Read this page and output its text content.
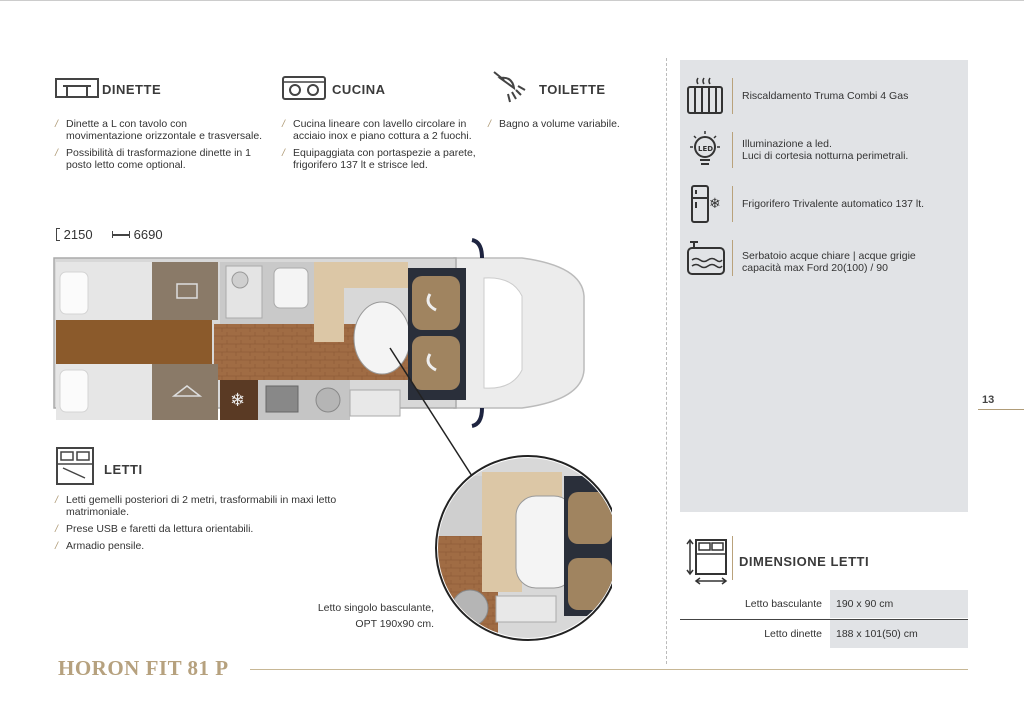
DINETTE
/ Dinette a L con tavolo con movimentazione orizzontale e trasversale.
/ Possibilità di trasformazione dinette in 1 posto letto come optional.
CUCINA
/ Cucina lineare con lavello circolare in acciaio inox e piano cottura a 2 fuochi.
/ Equipaggiata con portaspezie a parete, frigorifero 137 lt e strisce led.
TOILETTE
/ Bagno a volume variabile.
2150	6690
❄
Letto singolo basculante,
OPT 190x90 cm.
LETTI
/ Letti gemelli posteriori di 2 metri, trasformabili in maxi letto matrimoniale.
/ Prese USB e faretti da lettura orientabili.
/ Armadio pensile.
Riscaldamento Truma Combi 4 Gas
LED	Illuminazione a led.
Luci di cortesia notturna perimetrali.
❄ Frigorifero Trivalente automatico 137 lt.
Serbatoio acque chiare | acque grigie
capacità max Ford 20(100) / 90
DIMENSIONE LETTI
Letto basculante	190 x 90 cm
Letto dinette	188 x 101(50) cm
13
HORON FIT 81 P
